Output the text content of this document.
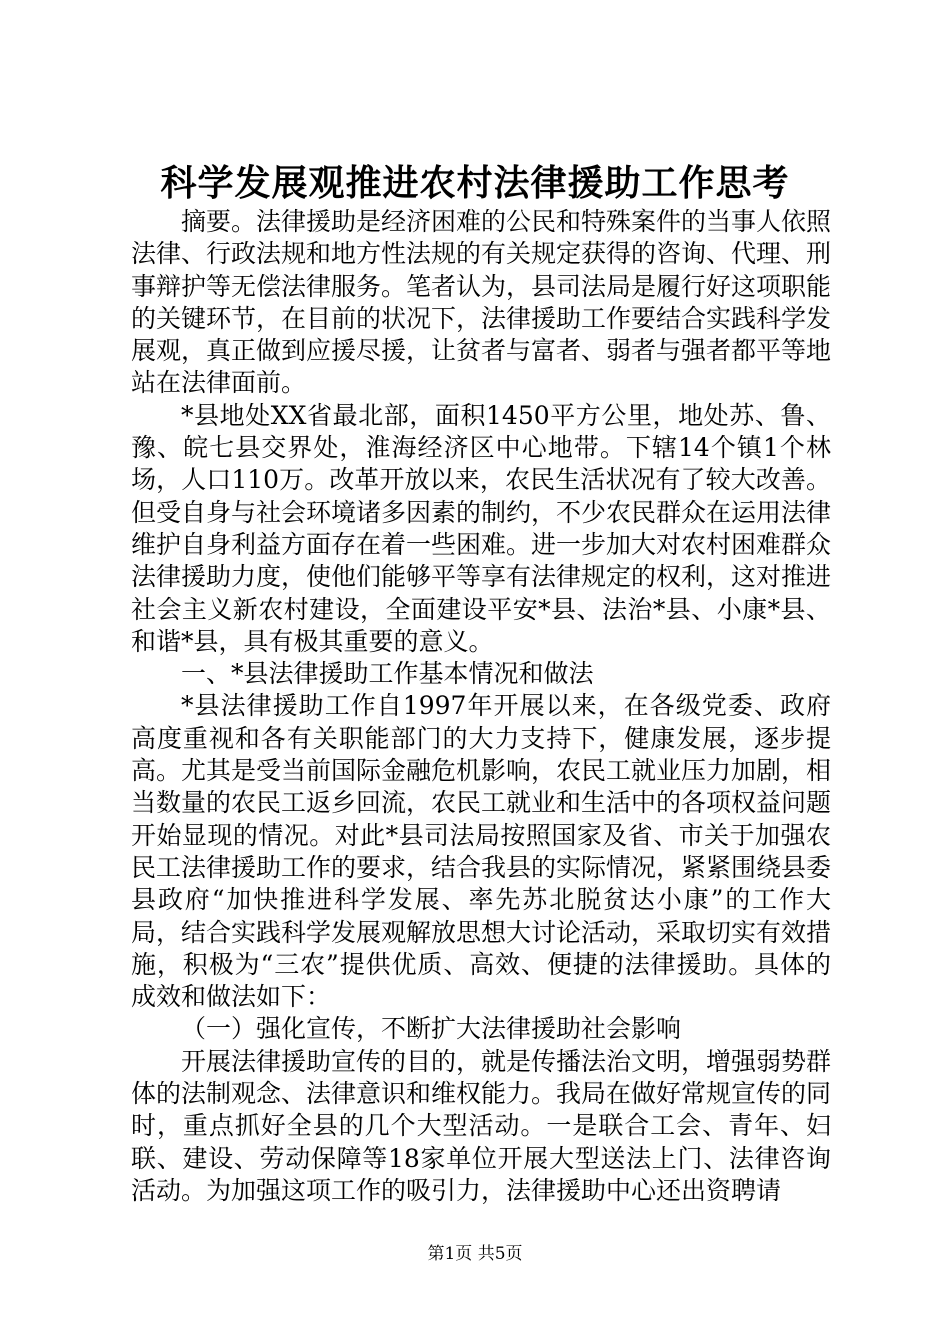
科学发展观推进农村法律援助工作思考

摘要。法律援助是经济困难的公民和特殊案件的当事人依照法律、行政法规和地方性法规的有关规定获得的咨询、代理、刑事辩护等无偿法律服务。笔者认为，县司法局是履行好这项职能的关键环节，在目前的状况下，法律援助工作要结合实践科学发展观，真正做到应援尽援，让贫者与富者、弱者与强者都平等地站在法律面前。

*县地处XX省最北部，面积1450平方公里，地处苏、鲁、豫、皖七县交界处，淮海经济区中心地带。下辖14个镇1个林场，人口110万。改革开放以来，农民生活状况有了较大改善。但受自身与社会环境诸多因素的制约，不少农民群众在运用法律维护自身利益方面存在着一些困难。进一步加大对农村困难群众法律援助力度，使他们能够平等享有法律规定的权利，这对推进社会主义新农村建设，全面建设平安*县、法治*县、小康*县、和谐*县，具有极其重要的意义。

一、*县法律援助工作基本情况和做法

*县法律援助工作自1997年开展以来，在各级党委、政府高度重视和各有关职能部门的大力支持下，健康发展，逐步提高。尤其是受当前国际金融危机影响，农民工就业压力加剧，相当数量的农民工返乡回流，农民工就业和生活中的各项权益问题开始显现的情况。对此*县司法局按照国家及省、市关于加强农民工法律援助工作的要求，结合我县的实际情况，紧紧围绕县委县政府“加快推进科学发展、率先苏北脱贫达小康”的工作大局，结合实践科学发展观解放思想大讨论活动，采取切实有效措施，积极为“三农”提供优质、高效、便捷的法律援助。具体的成效和做法如下：

（一）强化宣传，不断扩大法律援助社会影响

开展法律援助宣传的目的，就是传播法治文明，增强弱势群体的法制观念、法律意识和维权能力。我局在做好常规宣传的同时，重点抓好全县的几个大型活动。一是联合工会、青年、妇联、建设、劳动保障等18家单位开展大型送法上门、法律咨询活动。为加强这项工作的吸引力，法律援助中心还出资聘请

第1页 共5页
